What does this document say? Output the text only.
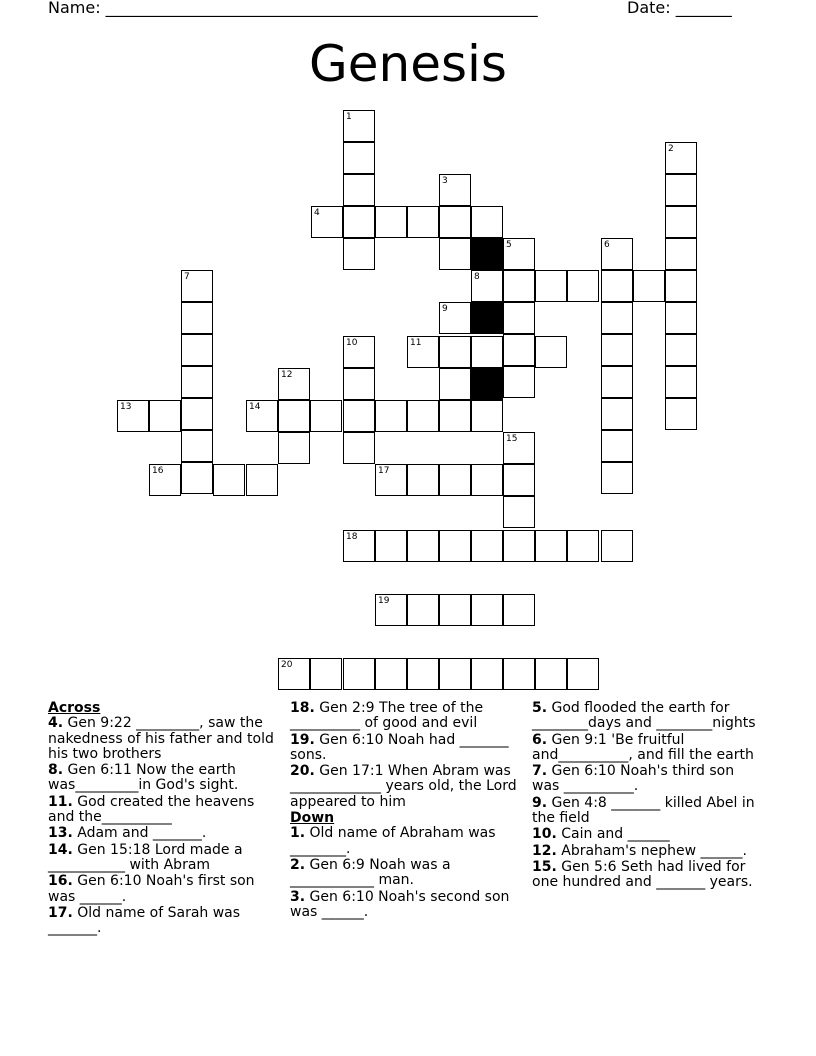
Name: ______________________________________________________	Date: _______
Genesis
1
2
3
4
5	6
7	8
9
10	11
12
13	14
15
16	17
18
19
20
Across
4. Gen 9:22 _________, saw the nakedness of his father and told his two brothers
8. Gen 6:11 Now the earth was_________in God's sight.
11. God created the heavens and the__________
13. Adam and _______.
14. Gen 15:18 Lord made a ___________ with Abram
16. Gen 6:10 Noah's first son was ______.
17. Old name of Sarah was _______.
18. Gen 2:9 The tree of the __________ of good and evil
19. Gen 6:10 Noah had _______ sons.
20. Gen 17:1 When Abram was _____________ years old, the Lord appeared to him
Down
1. Old name of Abraham was ________.
2. Gen 6:9 Noah was a ____________ man.
3. Gen 6:10 Noah's second son was ______.
5. God flooded the earth for ________days and ________nights
6. Gen 9:1 'Be fruitful and__________, and fill the earth
7. Gen 6:10 Noah's third son was __________.
9. Gen 4:8 _______ killed Abel in the field
10. Cain and ______
12. Abraham's nephew ______.
15. Gen 5:6 Seth had lived for one hundred and _______ years.
